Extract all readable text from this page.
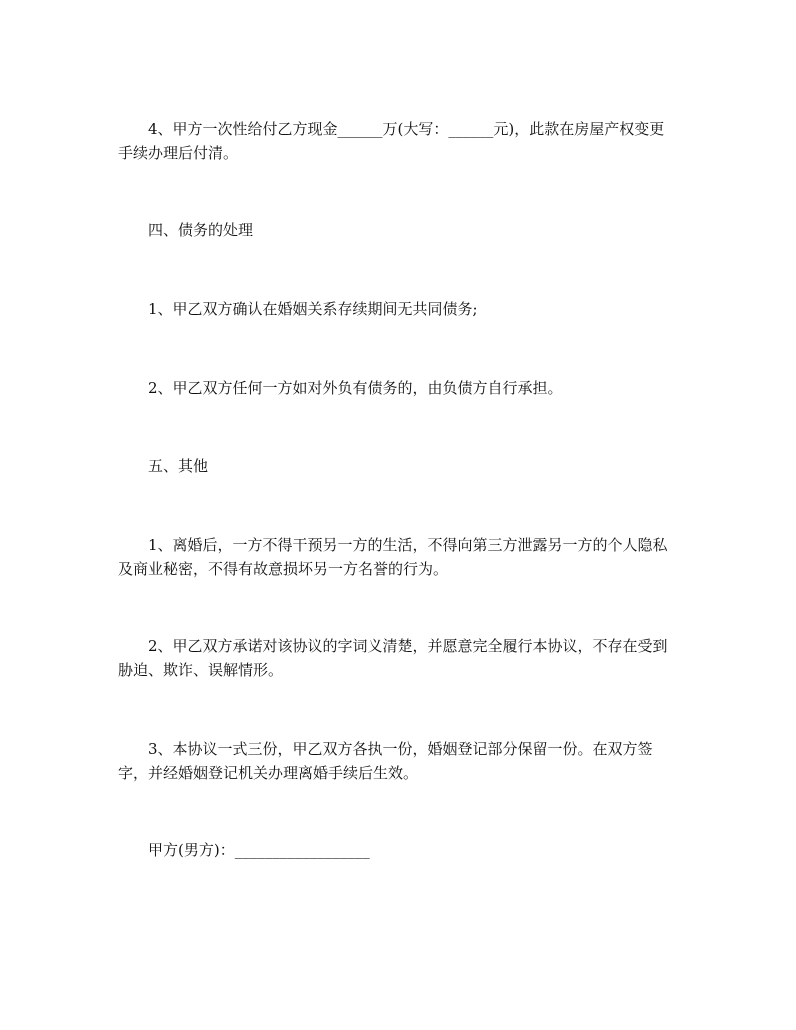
4、甲方一次性给付乙方现金______万(大写：______元)，此款在房屋产权变更手续办理后付清。

四、债务的处理

1、甲乙双方确认在婚姻关系存续期间无共同债务;

2、甲乙双方任何一方如对外负有债务的，由负债方自行承担。

五、其他

1、离婚后，一方不得干预另一方的生活，不得向第三方泄露另一方的个人隐私及商业秘密，不得有故意损坏另一方名誉的行为。

2、甲乙双方承诺对该协议的字词义清楚，并愿意完全履行本协议，不存在受到胁迫、欺诈、误解情形。

3、本协议一式三份，甲乙双方各执一份，婚姻登记部分保留一份。在双方签字，并经婚姻登记机关办理离婚手续后生效。

甲方(男方)：__________________
